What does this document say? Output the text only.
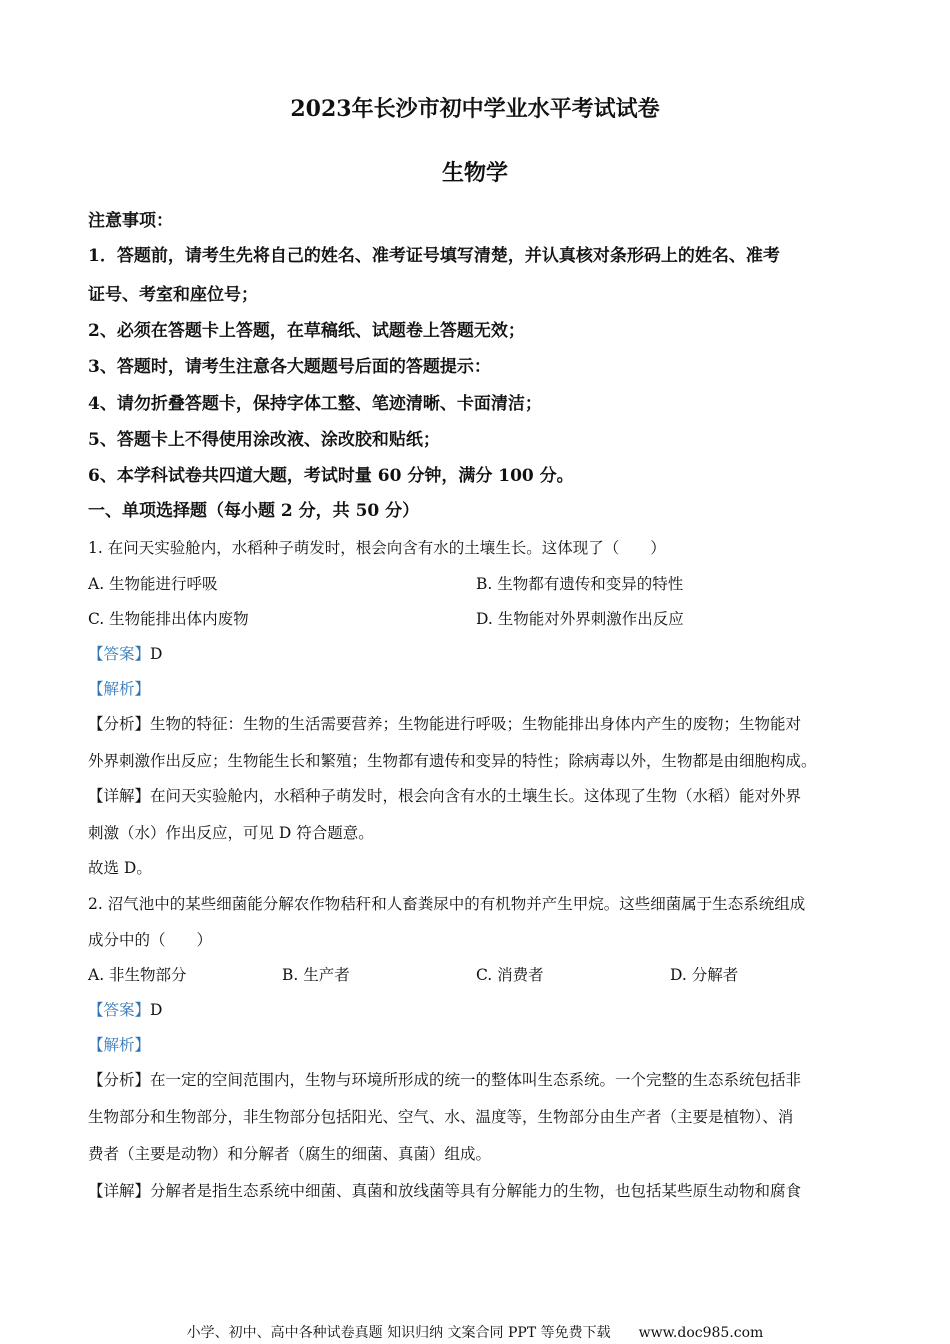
2023年长沙市初中学业水平考试试卷
生物学
注意事项：
1．答题前，请考生先将自己的姓名、准考证号填写清楚，并认真核对条形码上的姓名、准考
证号、考室和座位号；
2、必须在答题卡上答题，在草稿纸、试题卷上答题无效；
3、答题时，请考生注意各大题题号后面的答题提示：
4、请勿折叠答题卡，保持字体工整、笔迹清晰、卡面清洁；
5、答题卡上不得使用涂改液、涂改胶和贴纸；
6、本学科试卷共四道大题，考试时量 60 分钟，满分 100 分。
一、单项选择题（每小题 2 分，共 50 分）
1. 在问天实验舱内，水稻种子萌发时，根会向含有水的土壤生长。这体现了（　　）
A. 生物能进行呼吸	B. 生物都有遗传和变异的特性
C. 生物能排出体内废物	D. 生物能对外界刺激作出反应
【答案】D
【解析】
【分析】生物的特征：生物的生活需要营养；生物能进行呼吸；生物能排出身体内产生的废物；生物能对
外界刺激作出反应；生物能生长和繁殖；生物都有遗传和变异的特性；除病毒以外，生物都是由细胞构成。
【详解】在问天实验舱内，水稻种子萌发时，根会向含有水的土壤生长。这体现了生物（水稻）能对外界
刺激（水）作出反应，可见 D 符合题意。
故选 D。
2. 沼气池中的某些细菌能分解农作物秸秆和人畜粪尿中的有机物并产生甲烷。这些细菌属于生态系统组成
成分中的（　　）
A. 非生物部分	B. 生产者	C. 消费者	D. 分解者
【答案】D
【解析】
【分析】在一定的空间范围内，生物与环境所形成的统一的整体叫生态系统。一个完整的生态系统包括非
生物部分和生物部分，非生物部分包括阳光、空气、水、温度等，生物部分由生产者（主要是植物）、消
费者（主要是动物）和分解者（腐生的细菌、真菌）组成。
【详解】分解者是指生态系统中细菌、真菌和放线菌等具有分解能力的生物，也包括某些原生动物和腐食
小学、初中、高中各种试卷真题 知识归纳 文案合同 PPT 等免费下载　　www.doc985.com
